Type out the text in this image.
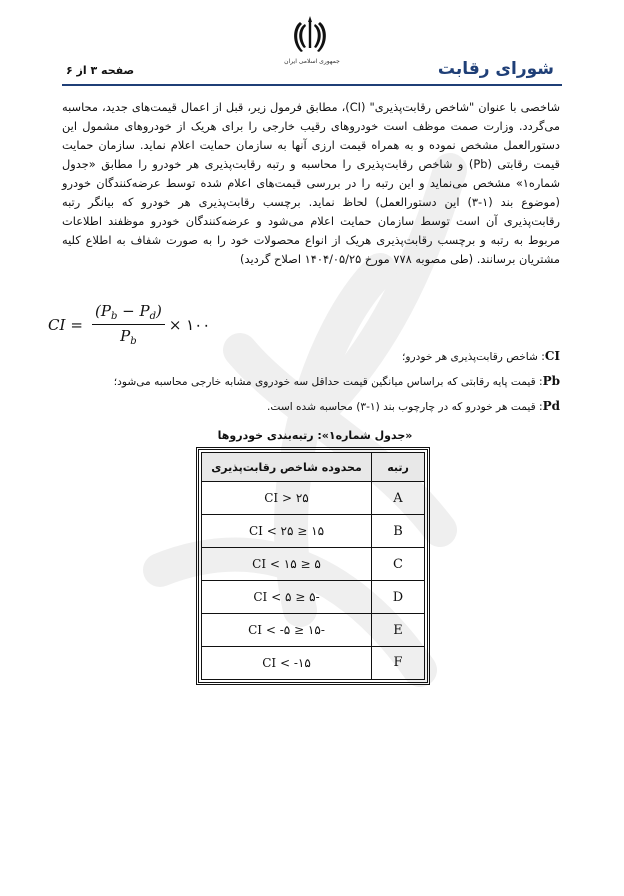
جمهوری اسلامی ایران	شورای رقابت
صفحه ۳ از ۶
شاخصی با عنوان "شاخص رقابت‌پذیری" (CI)، مطابق فرمول زیر، قبل از اعمال قیمت‌های جدید، محاسبه می‌گردد. وزارت صمت موظف است خودروهای رقیب خارجی را برای هریک از خودروهای مشمول این دستورالعمل مشخص نموده و به همراه قیمت ارزی آنها به سازمان حمایت اعلام نماید. سازمان حمایت قیمت رقابتی (Pb) و شاخص رقابت‌پذیری را محاسبه و رتبه رقابت‌پذیری هر خودرو را مطابق «جدول شماره۱» مشخص می‌نماید و این رتبه را در بررسی قیمت‌های اعلام شده توسط عرضه‌کنندگان خودرو (موضوع بند (۱-۳) این دستورالعمل) لحاظ نماید. برچسب رقابت‌پذیری هر خودرو که بیانگر رتبه رقابت‌پذیری آن است توسط سازمان حمایت اعلام می‌شود و عرضه‌کنندگان خودرو موظفند اطلاعات مربوط به رتبه و برچسب رقابت‌پذیری هریک از انواع محصولات خود را به صورت شفاف به اطلاع کلیه مشتریان برسانند. (طی مصوبه ۷۷۸ مورخ ۱۴۰۴/۰۵/۲۵ اصلاح گردید)
CI = $\frac{(P_b - P_d)}{P_b}$ × ۱۰۰
CI: شاخص رقابت‌پذیری هر خودرو؛
Pb: قیمت پایه رقابتی که براساس میانگین قیمت حداقل سه خودروی مشابه خارجی محاسبه می‌شود؛
Pd: قیمت هر خودرو که در چارچوب بند (۱-۳) محاسبه شده است.
«جدول شماره۱»: رتبه‌بندی خودروها
رتبه	محدوده شاخص رقابت‌پذیری
A	۲۵ < CI
B	۱۵ ≤ CI < ۲۵
C	۵ ≤ CI < ۱۵
D	-۵ ≤ CI < ۵
E	-۱۵ ≤ CI < -۵
F	CI < -۱۵
